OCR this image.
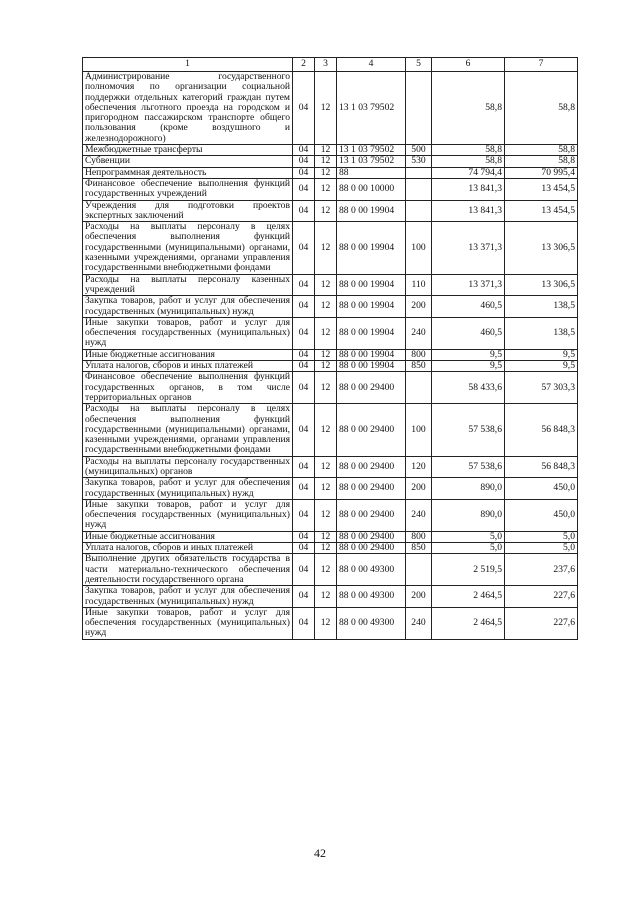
1	2	3	4	5	6	7
Администрирование государственного полномочия по организации социальной поддержки отдельных категорий граждан путем обеспечения льготного проезда на городском и пригородном пассажирском транспорте общего пользования (кроме воздушного и железнодорожного)	04	12	13 1 03 79502		58,8	58,8
Межбюджетные трансферты	04	12	13 1 03 79502	500	58,8	58,8
Субвенции	04	12	13 1 03 79502	530	58,8	58,8
Непрограммная деятельность	04	12	88		74 794,4	70 995,4
Финансовое обеспечение выполнения функций государственных учреждений	04	12	88 0 00 10000		13 841,3	13 454,5
Учреждения для подготовки проектов экспертных заключений	04	12	88 0 00 19904		13 841,3	13 454,5
Расходы на выплаты персоналу в целях обеспечения выполнения функций государственными (муниципальными) органами, казенными учреждениями, органами управления государственными внебюджетными фондами	04	12	88 0 00 19904	100	13 371,3	13 306,5
Расходы на выплаты персоналу казенных учреждений	04	12	88 0 00 19904	110	13 371,3	13 306,5
Закупка товаров, работ и услуг для обеспечения государственных (муниципальных) нужд	04	12	88 0 00 19904	200	460,5	138,5
Иные закупки товаров, работ и услуг для обеспечения государственных (муниципальных) нужд	04	12	88 0 00 19904	240	460,5	138,5
Иные бюджетные ассигнования	04	12	88 0 00 19904	800	9,5	9,5
Уплата налогов, сборов и иных платежей	04	12	88 0 00 19904	850	9,5	9,5
Финансовое обеспечение выполнения функций государственных органов, в том числе территориальных органов	04	12	88 0 00 29400		58 433,6	57 303,3
Расходы на выплаты персоналу в целях обеспечения выполнения функций государственными (муниципальными) органами, казенными учреждениями, органами управления государственными внебюджетными фондами	04	12	88 0 00 29400	100	57 538,6	56 848,3
Расходы на выплаты персоналу государственных (муниципальных) органов	04	12	88 0 00 29400	120	57 538,6	56 848,3
Закупка товаров, работ и услуг для обеспечения государственных (муниципальных) нужд	04	12	88 0 00 29400	200	890,0	450,0
Иные закупки товаров, работ и услуг для обеспечения государственных (муниципальных) нужд	04	12	88 0 00 29400	240	890,0	450,0
Иные бюджетные ассигнования	04	12	88 0 00 29400	800	5,0	5,0
Уплата налогов, сборов и иных платежей	04	12	88 0 00 29400	850	5,0	5,0
Выполнение других обязательств государства в части материально-технического обеспечения деятельности государственного органа	04	12	88 0 00 49300		2 519,5	237,6
Закупка товаров, работ и услуг для обеспечения государственных (муниципальных) нужд	04	12	88 0 00 49300	200	2 464,5	227,6
Иные закупки товаров, работ и услуг для обеспечения государственных (муниципальных) нужд	04	12	88 0 00 49300	240	2 464,5	227,6
42
